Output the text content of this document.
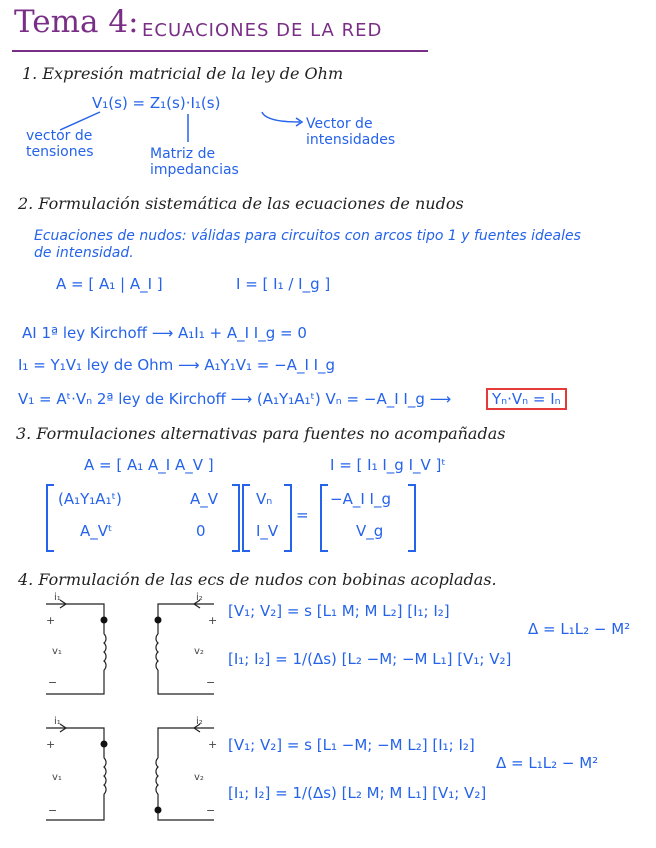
Tema 4: ECUACIONES DE LA RED
1. Expresión matricial de la ley de Ohm
V₁(s) = Z₁(s)·I₁(s)
vector de tensiones	Matriz de impedancias
Vector de intensidades
2. Formulación sistemática de las ecuaciones de nudos
Ecuaciones de nudos: válidas para circuitos con arcos tipo 1 y fuentes ideales de intensidad.
A = [ A₁ | A_I ]	I = [ I₁ / I_g ]
AI 1ª ley Kirchoff ⟶ A₁I₁ + A_I I_g = 0
I₁ = Y₁V₁ ley de Ohm ⟶ A₁Y₁V₁ = −A_I I_g
V₁ = Aᵗ·Vₙ 2ª ley de Kirchoff ⟶ (A₁Y₁A₁ᵗ) Vₙ = −A_I I_g ⟶	Yₙ·Vₙ = Iₙ
3. Formulaciones alternativas para fuentes no acompañadas
A = [ A₁ A_I A_V ]	I = [ I₁ I_g I_V ]ᵗ
(A₁Y₁A₁ᵗ)	A_V
A_Vᵗ	0
Vₙ
I_V
=
−A_I I_g
V_g
4. Formulación de las ecs de nudos con bobinas acopladas.
i₁	i₂
+	+
v₁	v₂
−	−
[V₁; V₂] = s [L₁ M; M L₂] [I₁; I₂]
[I₁; I₂] = 1/(Δs) [L₂ −M; −M L₁] [V₁; V₂]
Δ = L₁L₂ − M²
i₁	i₂
+	+
v₁	v₂
−	−
[V₁; V₂] = s [L₁ −M; −M L₂] [I₁; I₂]
[I₁; I₂] = 1/(Δs) [L₂ M; M L₁] [V₁; V₂]
Δ = L₁L₂ − M²
